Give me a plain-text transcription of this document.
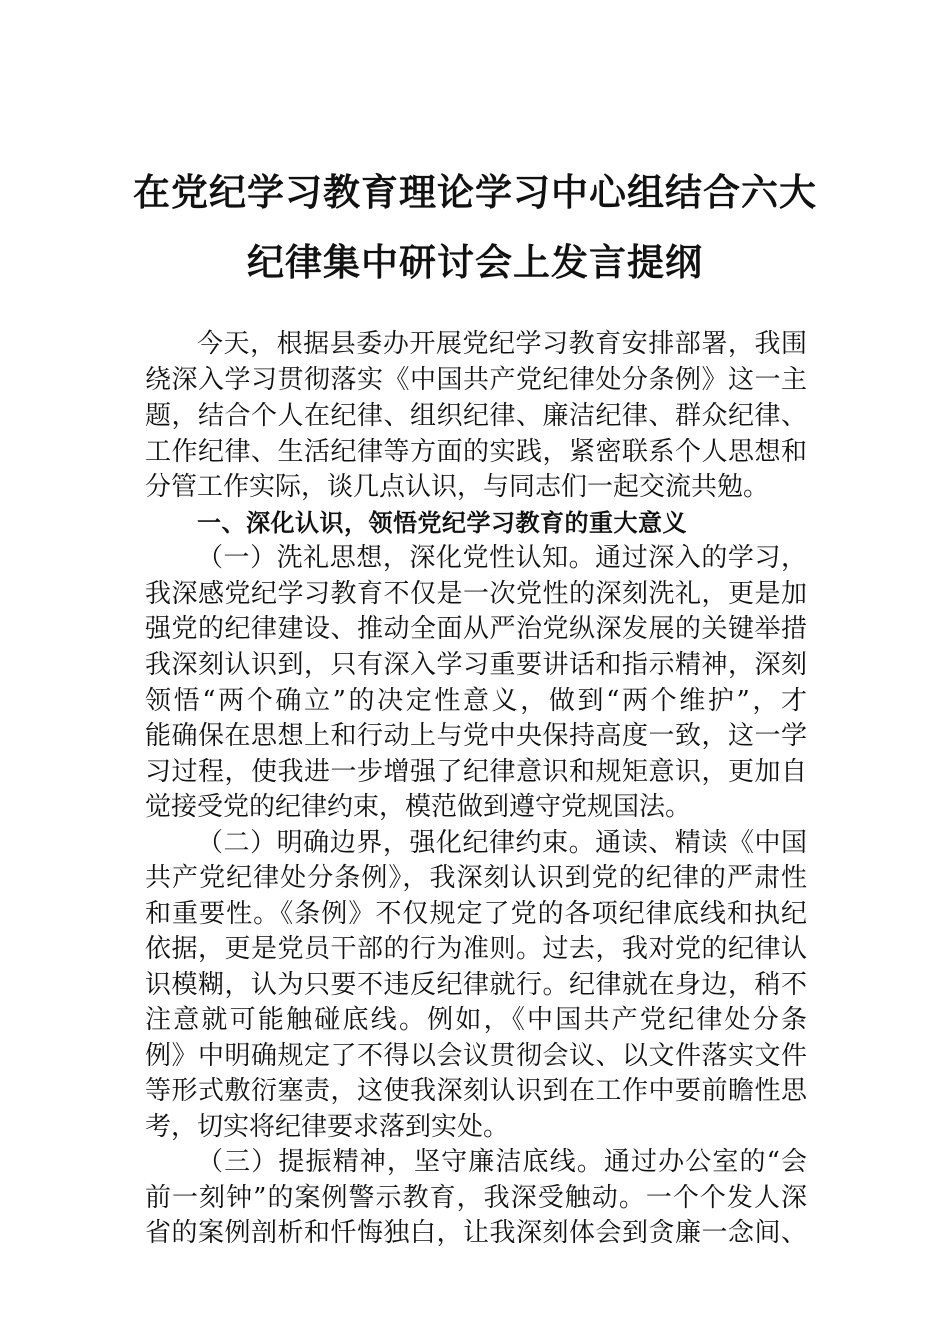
在党纪学习教育理论学习中心组结合六大
纪律集中研讨会上发言提纲
今天，根据县委办开展党纪学习教育安排部署，我围
绕深入学习贯彻落实《中国共产党纪律处分条例》这一主
题，结合个人在纪律、组织纪律、廉洁纪律、群众纪律、
工作纪律、生活纪律等方面的实践，紧密联系个人思想和
分管工作实际，谈几点认识，与同志们一起交流共勉。
一、深化认识，领悟党纪学习教育的重大意义
（一）洗礼思想，深化党性认知。通过深入的学习，
我深感党纪学习教育不仅是一次党性的深刻洗礼，更是加
强党的纪律建设、推动全面从严治党纵深发展的关键举措
我深刻认识到，只有深入学习重要讲话和指示精神，深刻
领悟“两个确立”的决定性意义，做到“两个维护”，才
能确保在思想上和行动上与党中央保持高度一致，这一学
习过程，使我进一步增强了纪律意识和规矩意识，更加自
觉接受党的纪律约束，模范做到遵守党规国法。
（二）明确边界，强化纪律约束。通读、精读《中国
共产党纪律处分条例》，我深刻认识到党的纪律的严肃性
和重要性。《条例》不仅规定了党的各项纪律底线和执纪
依据，更是党员干部的行为准则。过去，我对党的纪律认
识模糊，认为只要不违反纪律就行。纪律就在身边，稍不
注意就可能触碰底线。例如，《中国共产党纪律处分条
例》中明确规定了不得以会议贯彻会议、以文件落实文件
等形式敷衍塞责，这使我深刻认识到在工作中要前瞻性思
考，切实将纪律要求落到实处。
（三）提振精神，坚守廉洁底线。通过办公室的“会
前一刻钟”的案例警示教育，我深受触动。一个个发人深
省的案例剖析和忏悔独白，让我深刻体会到贪廉一念间、
